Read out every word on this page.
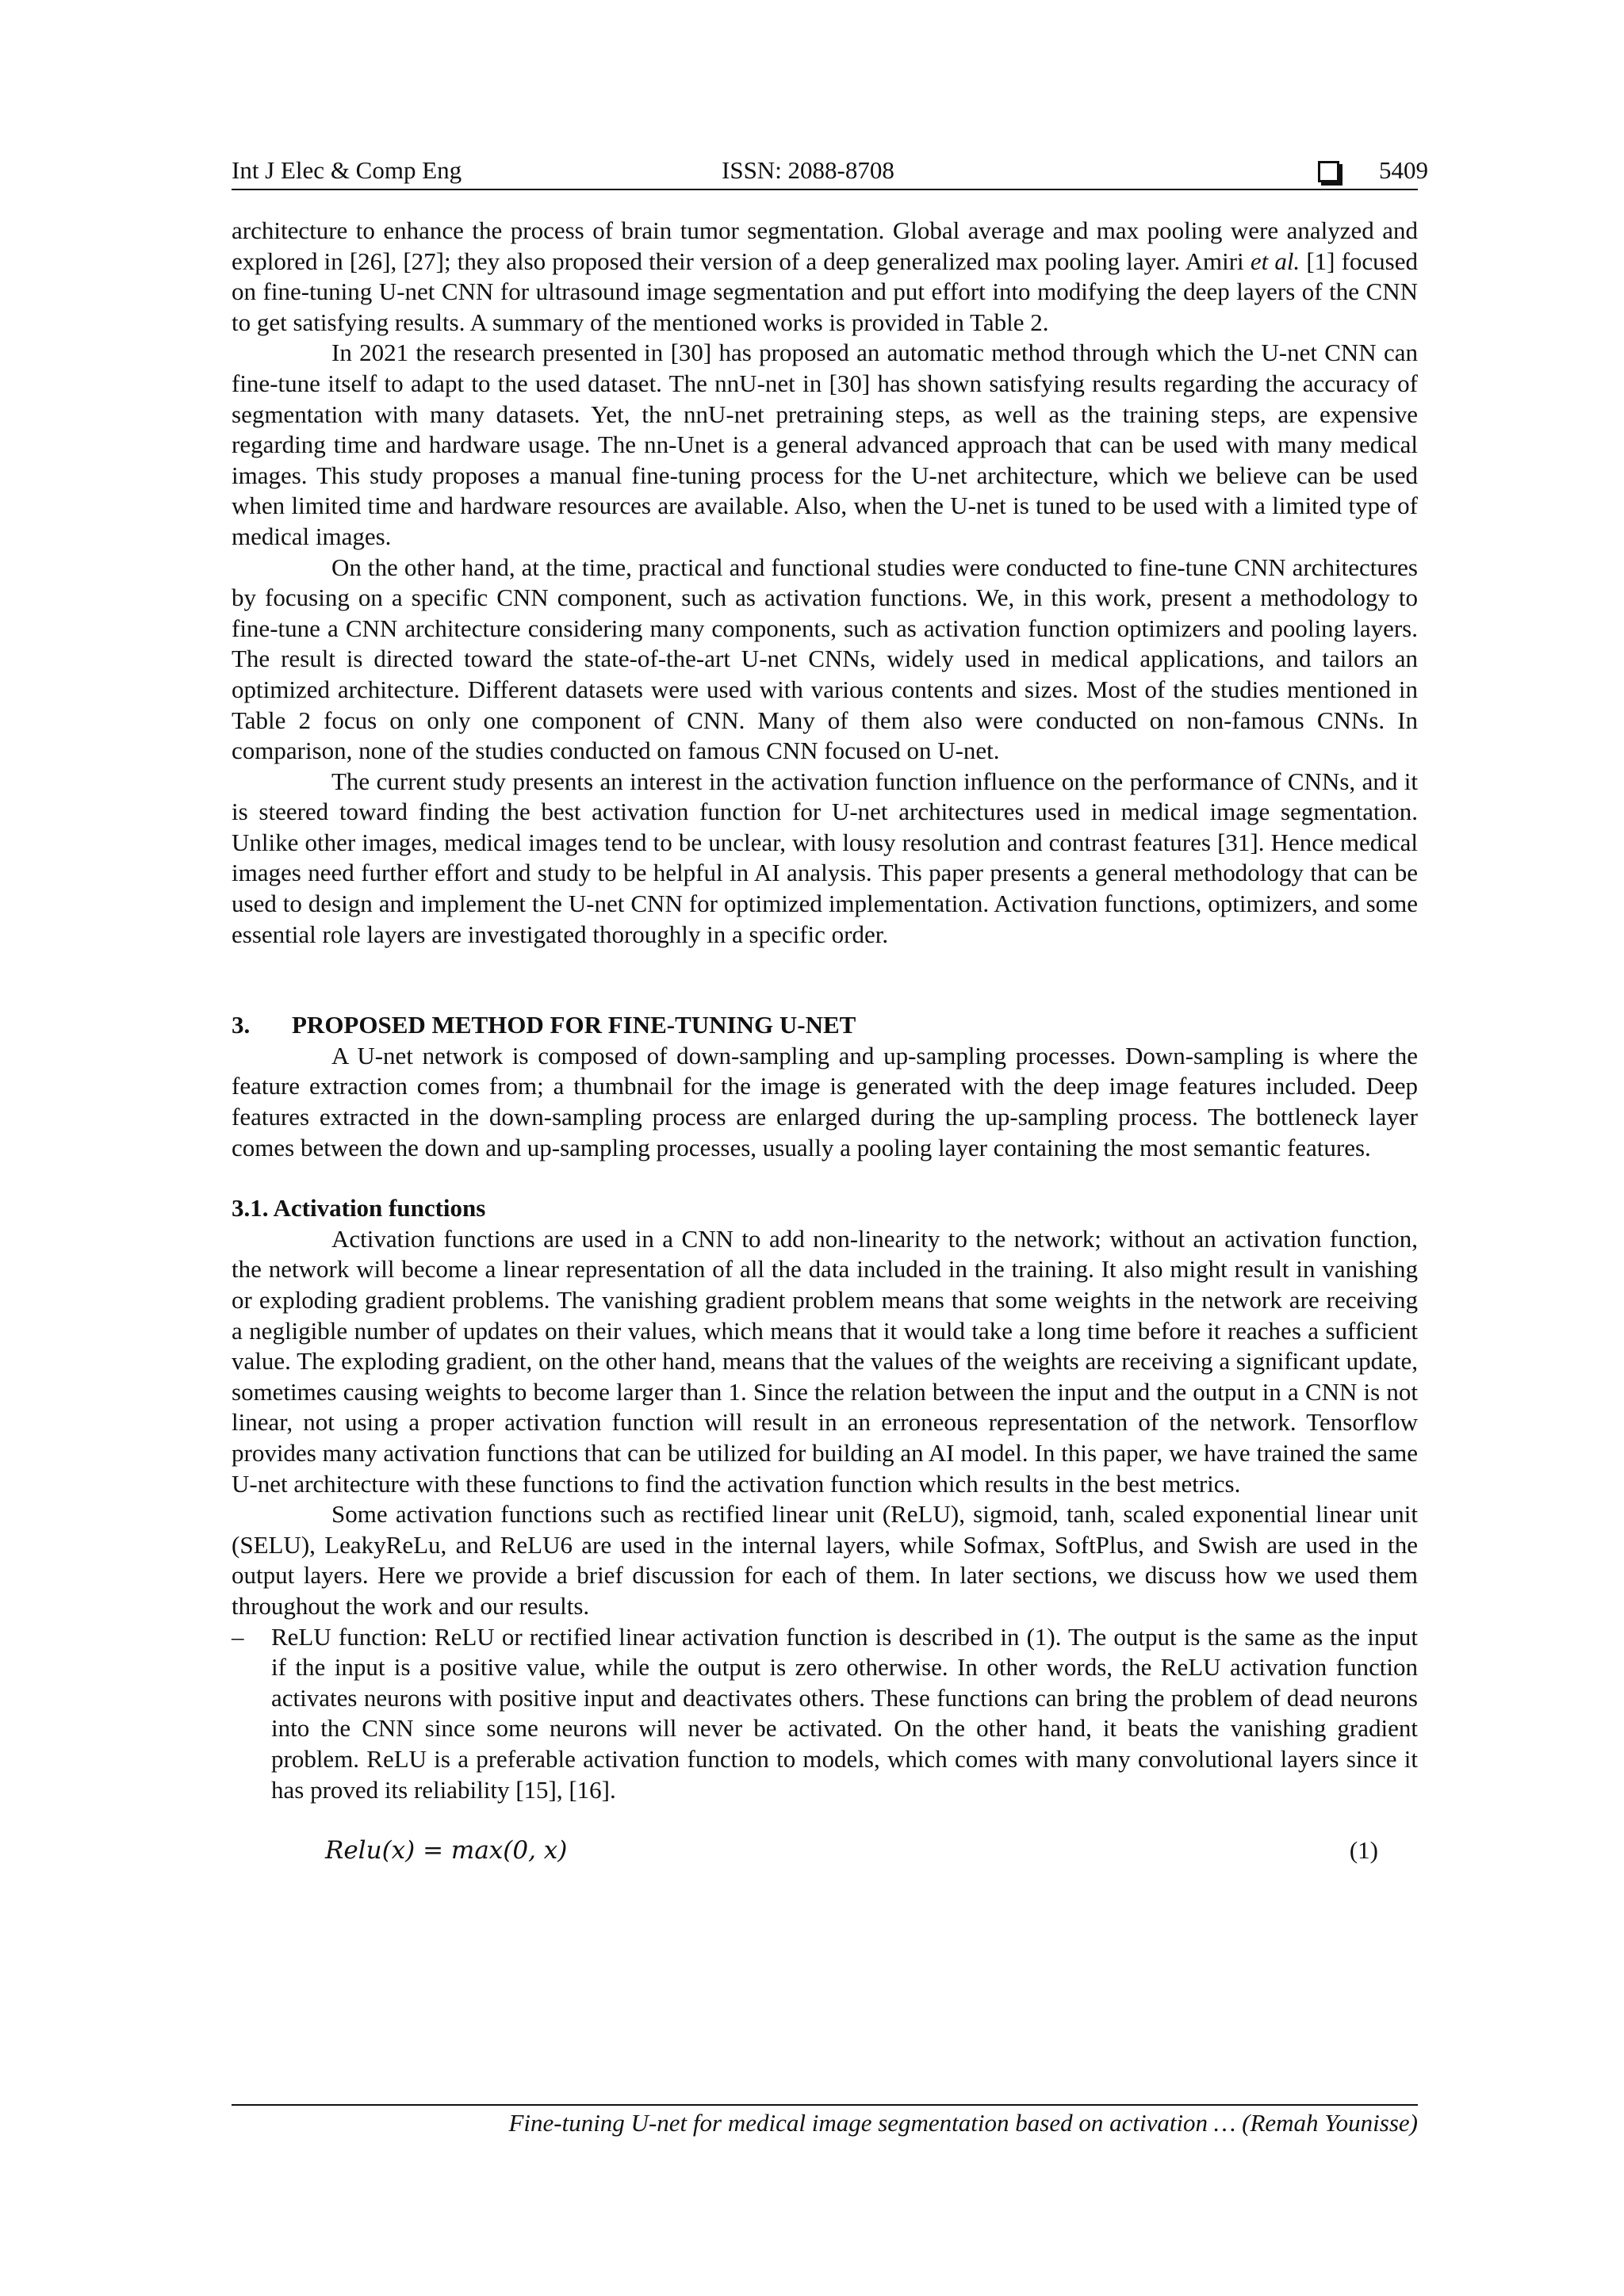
Int J Elec & Comp Eng	ISSN: 2088-8708	5409

architecture to enhance the process of brain tumor segmentation. Global average and max pooling were analyzed and explored in [26], [27]; they also proposed their version of a deep generalized max pooling layer. Amiri et al. [1] focused on fine-tuning U-net CNN for ultrasound image segmentation and put effort into modifying the deep layers of the CNN to get satisfying results. A summary of the mentioned works is provided in Table 2.

In 2021 the research presented in [30] has proposed an automatic method through which the U-net CNN can fine-tune itself to adapt to the used dataset. The nnU-net in [30] has shown satisfying results regarding the accuracy of segmentation with many datasets. Yet, the nnU-net pretraining steps, as well as the training steps, are expensive regarding time and hardware usage. The nn-Unet is a general advanced approach that can be used with many medical images. This study proposes a manual fine-tuning process for the U-net architecture, which we believe can be used when limited time and hardware resources are available. Also, when the U-net is tuned to be used with a limited type of medical images.

On the other hand, at the time, practical and functional studies were conducted to fine-tune CNN architectures by focusing on a specific CNN component, such as activation functions. We, in this work, present a methodology to fine-tune a CNN architecture considering many components, such as activation function optimizers and pooling layers. The result is directed toward the state-of-the-art U-net CNNs, widely used in medical applications, and tailors an optimized architecture. Different datasets were used with various contents and sizes. Most of the studies mentioned in Table 2 focus on only one component of CNN. Many of them also were conducted on non-famous CNNs. In comparison, none of the studies conducted on famous CNN focused on U-net.

The current study presents an interest in the activation function influence on the performance of CNNs, and it is steered toward finding the best activation function for U-net architectures used in medical image segmentation. Unlike other images, medical images tend to be unclear, with lousy resolution and contrast features [31]. Hence medical images need further effort and study to be helpful in AI analysis. This paper presents a general methodology that can be used to design and implement the U-net CNN for optimized implementation. Activation functions, optimizers, and some essential role layers are investigated thoroughly in a specific order.

3. PROPOSED METHOD FOR FINE-TUNING U-NET

A U-net network is composed of down-sampling and up-sampling processes. Down-sampling is where the feature extraction comes from; a thumbnail for the image is generated with the deep image features included. Deep features extracted in the down-sampling process are enlarged during the up-sampling process. The bottleneck layer comes between the down and up-sampling processes, usually a pooling layer containing the most semantic features.

3.1. Activation functions

Activation functions are used in a CNN to add non-linearity to the network; without an activation function, the network will become a linear representation of all the data included in the training. It also might result in vanishing or exploding gradient problems. The vanishing gradient problem means that some weights in the network are receiving a negligible number of updates on their values, which means that it would take a long time before it reaches a sufficient value. The exploding gradient, on the other hand, means that the values of the weights are receiving a significant update, sometimes causing weights to become larger than 1. Since the relation between the input and the output in a CNN is not linear, not using a proper activation function will result in an erroneous representation of the network. Tensorflow provides many activation functions that can be utilized for building an AI model. In this paper, we have trained the same U-net architecture with these functions to find the activation function which results in the best metrics.

Some activation functions such as rectified linear unit (ReLU), sigmoid, tanh, scaled exponential linear unit (SELU), LeakyReLu, and ReLU6 are used in the internal layers, while Sofmax, SoftPlus, and Swish are used in the output layers. Here we provide a brief discussion for each of them. In later sections, we discuss how we used them throughout the work and our results.

– ReLU function: ReLU or rectified linear activation function is described in (1). The output is the same as the input if the input is a positive value, while the output is zero otherwise. In other words, the ReLU activation function activates neurons with positive input and deactivates others. These functions can bring the problem of dead neurons into the CNN since some neurons will never be activated. On the other hand, it beats the vanishing gradient problem. ReLU is a preferable activation function to models, which comes with many convolutional layers since it has proved its reliability [15], [16].

Relu(x) = max(0, x)	(1)

Fine-tuning U-net for medical image segmentation based on activation … (Remah Younisse)
